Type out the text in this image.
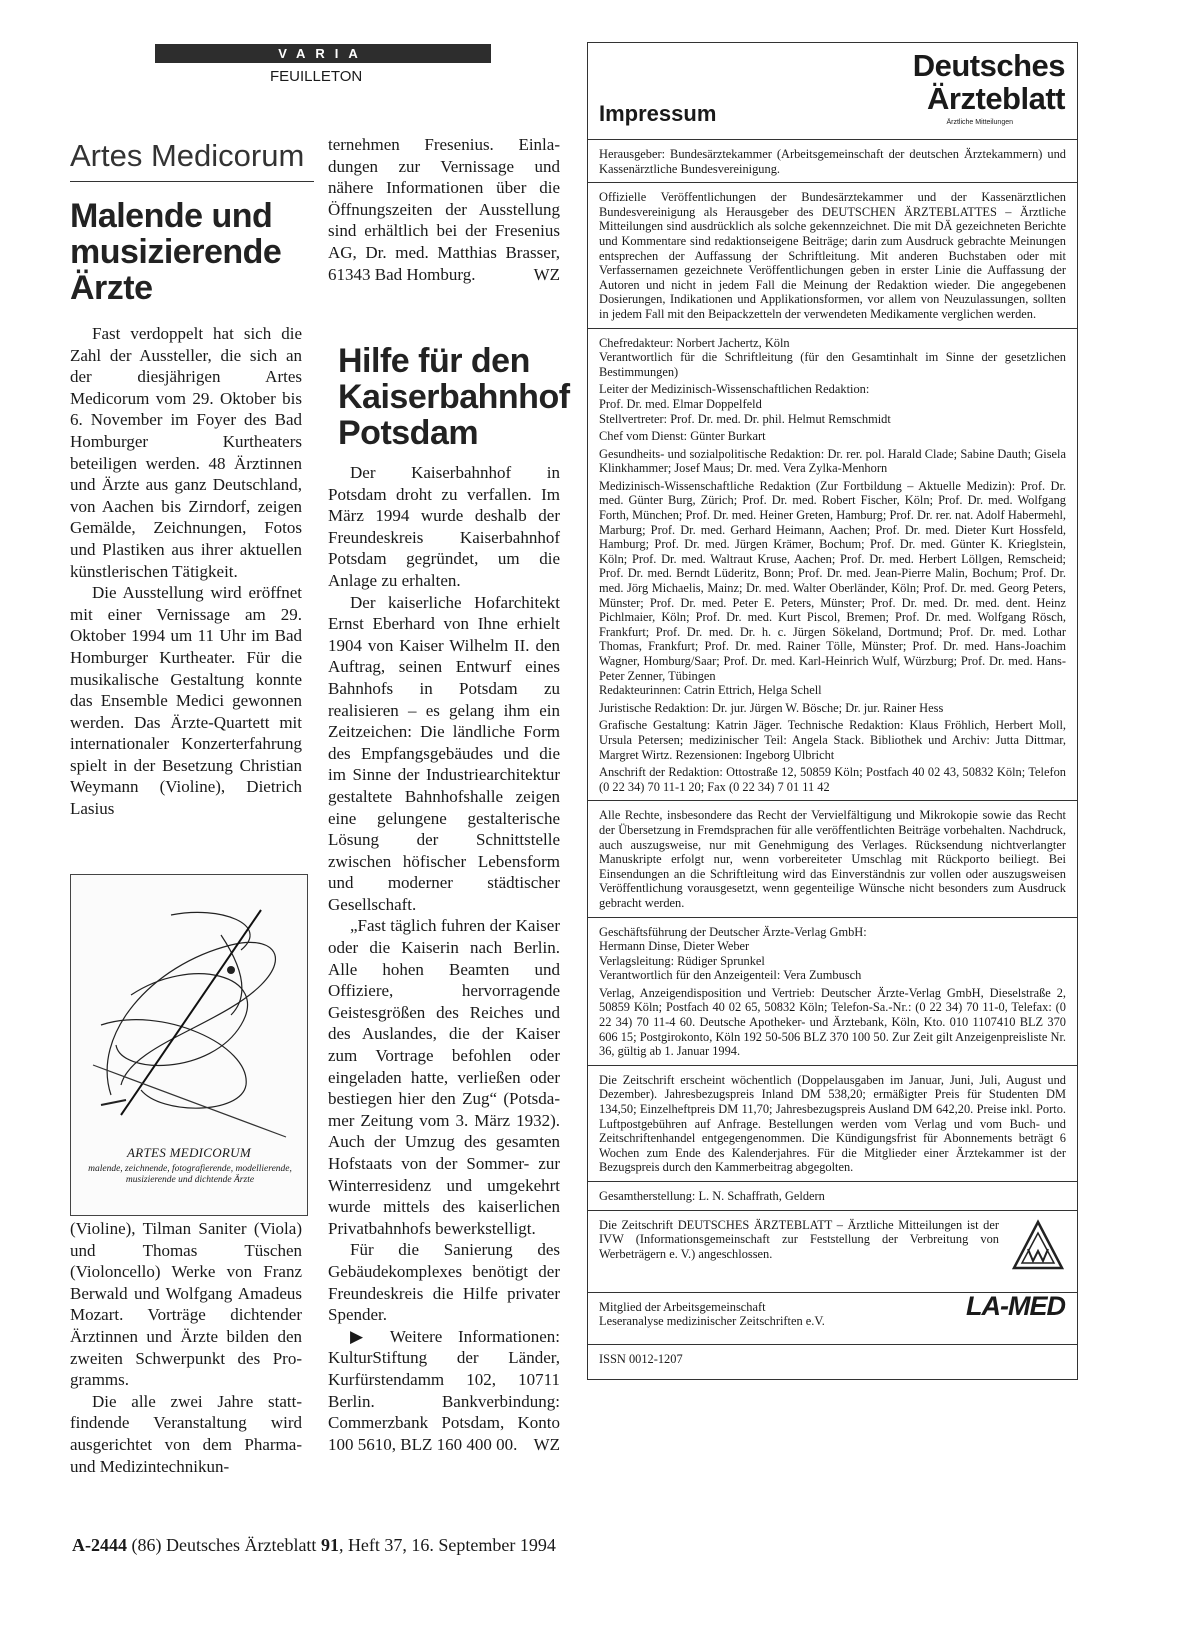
VARIA
FEUILLETON
Artes Medicorum
Malende und
musizierende
Ärzte

Fast verdoppelt hat sich die Zahl der Aussteller, die sich an der diesjährigen Artes Medicorum vom 29. Oktober bis 6. November im Foyer des Bad Homburger Kurtheaters beteiligen werden. 48 Ärztinnen und Ärzte aus ganz Deutschland, von Aachen bis Zirndorf, zeigen Gemälde, Zeichnungen, Fotos und Plastiken aus ihrer aktuellen künstlerischen Tätigkeit.

Die Ausstellung wird eröffnet mit einer Vernissage am 29. Oktober 1994 um 11 Uhr im Bad Homburger Kurtheater. Für die musikalische Gestaltung konnte das Ensemble Medici gewonnen werden. Das Ärzte-Quartett mit internationaler Konzerterfahrung spielt in der Besetzung Christian Weymann (Violine), Dietrich Lasius

ARTES MEDICORUM
malende, zeichnende, fotografierende, modellierende, musizierende und dichtende Ärzte

(Violine), Tilman Saniter (Viola) und Thomas Tüschen (Violoncello) Werke von Franz Berwald und Wolfgang Amadeus Mozart. Vorträge dichtender Ärztinnen und Ärzte bilden den zweiten Schwerpunkt des Programms.

Die alle zwei Jahre stattfindende Veranstaltung wird ausgerichtet von dem Pharma- und Medizintechnikun-

ternehmen Fresenius. Einladungen zur Vernissage und nähere Informationen über die Öffnungszeiten der Ausstellung sind erhältlich bei der Fresenius AG, Dr. med. Matthias Brasser, 61343 Bad Homburg.	WZ
Hilfe für den
Kaiserbahnhof
Potsdam

Der Kaiserbahnhof in Potsdam droht zu verfallen. Im März 1994 wurde deshalb der Freundeskreis Kaiserbahnhof Potsdam gegründet, um die Anlage zu erhalten.

Der kaiserliche Hofarchitekt Ernst Eberhard von Ihne erhielt 1904 von Kaiser Wilhelm II. den Auftrag, seinen Entwurf eines Bahnhofs in Potsdam zu realisieren – es gelang ihm ein Zeitzeichen: Die ländliche Form des Empfangsgebäudes und die im Sinne der Industriearchitektur gestaltete Bahnhofshalle zeigen eine gelungene gestalterische Lösung der Schnittstelle zwischen höfischer Lebensform und moderner städtischer Gesellschaft.

„Fast täglich fuhren der Kaiser oder die Kaiserin nach Berlin. Alle hohen Beamten und Offiziere, hervorragende Geistesgrößen des Reiches und des Auslandes, die der Kaiser zum Vortrage befohlen oder eingeladen hatte, verließen oder bestiegen hier den Zug“ (Potsdamer Zeitung vom 3. März 1932). Auch der Umzug des gesamten Hofstaats von der Sommer- zur Winterresidenz und umgekehrt wurde mittels des kaiserlichen Privatbahnhofs bewerkstelligt.

Für die Sanierung des Gebäudekomplexes benötigt der Freundeskreis die Hilfe privater Spender.

▶ Weitere Informationen: KulturStiftung der Länder, Kurfürstendamm 102, 10711 Berlin. Bankverbindung: Commerzbank Potsdam, Konto 100 5610, BLZ 160 400 00. WZ
Impressum
Deutsches
Ärzteblatt
Ärztliche Mitteilungen

Herausgeber: Bundesärztekammer (Arbeitsgemeinschaft der deutschen Ärztekammern) und Kassenärztliche Bundesvereinigung.

Offizielle Veröffentlichungen der Bundesärztekammer und der Kassenärztlichen Bundesvereinigung als Herausgeber des DEUTSCHEN ÄRZTEBLATTES – Ärztliche Mitteilungen sind ausdrücklich als solche gekennzeichnet. Die mit DÄ gezeichneten Berichte und Kommentare sind redaktionseigene Beiträge; darin zum Ausdruck gebrachte Meinungen entsprechen der Auffassung der Schriftleitung. Mit anderen Buchstaben oder mit Verfassernamen gezeichnete Veröffentlichungen geben in erster Linie die Auffassung der Autoren und nicht in jedem Fall die Meinung der Redaktion wieder. Die angegebenen Dosierungen, Indikationen und Applikationsformen, vor allem von Neuzulassungen, sollten in jedem Fall mit den Beipackzetteln der verwendeten Medikamente verglichen werden.

Chefredakteur: Norbert Jachertz, Köln
Verantwortlich für die Schriftleitung (für den Gesamtinhalt im Sinne der gesetzlichen Bestimmungen)

Leiter der Medizinisch-Wissenschaftlichen Redaktion:
Prof. Dr. med. Elmar Doppelfeld
Stellvertreter: Prof. Dr. med. Dr. phil. Helmut Remschmidt

Chef vom Dienst: Günter Burkart

Gesundheits- und sozialpolitische Redaktion: Dr. rer. pol. Harald Clade; Sabine Dauth; Gisela Klinkhammer; Josef Maus; Dr. med. Vera Zylka-Menhorn

Medizinisch-Wissenschaftliche Redaktion (Zur Fortbildung – Aktuelle Medizin): Prof. Dr. med. Günter Burg, Zürich; Prof. Dr. med. Robert Fischer, Köln; Prof. Dr. med. Wolfgang Forth, München; Prof. Dr. med. Heiner Greten, Hamburg; Prof. Dr. rer. nat. Adolf Habermehl, Marburg; Prof. Dr. med. Gerhard Heimann, Aachen; Prof. Dr. med. Dieter Kurt Hossfeld, Hamburg; Prof. Dr. med. Jürgen Krämer, Bochum; Prof. Dr. med. Günter K. Krieglstein, Köln; Prof. Dr. med. Waltraut Kruse, Aachen; Prof. Dr. med. Herbert Löllgen, Remscheid; Prof. Dr. med. Berndt Lüderitz, Bonn; Prof. Dr. med. Jean-Pierre Malin, Bochum; Prof. Dr. med. Jörg Michaelis, Mainz; Dr. med. Walter Oberländer, Köln; Prof. Dr. med. Georg Peters, Münster; Prof. Dr. med. Peter E. Peters, Münster; Prof. Dr. med. Dr. med. dent. Heinz Pichlmaier, Köln; Prof. Dr. med. Kurt Piscol, Bremen; Prof. Dr. med. Wolfgang Rösch, Frankfurt; Prof. Dr. med. Dr. h. c. Jürgen Sökeland, Dortmund; Prof. Dr. med. Lothar Thomas, Frankfurt; Prof. Dr. med. Rainer Tölle, Münster; Prof. Dr. med. Hans-Joachim Wagner, Homburg/Saar; Prof. Dr. med. Karl-Heinrich Wulf, Würzburg; Prof. Dr. med. Hans-Peter Zenner, Tübingen
Redakteurinnen: Catrin Ettrich, Helga Schell

Juristische Redaktion: Dr. jur. Jürgen W. Bösche; Dr. jur. Rainer Hess

Grafische Gestaltung: Katrin Jäger. Technische Redaktion: Klaus Fröhlich, Herbert Moll, Ursula Petersen; medizinischer Teil: Angela Stack. Bibliothek und Archiv: Jutta Dittmar, Margret Wirtz. Rezensionen: Ingeborg Ulbricht

Anschrift der Redaktion: Ottostraße 12, 50859 Köln; Postfach 40 02 43, 50832 Köln; Telefon (0 22 34) 70 11-1 20; Fax (0 22 34) 7 01 11 42

Alle Rechte, insbesondere das Recht der Vervielfältigung und Mikrokopie sowie das Recht der Übersetzung in Fremdsprachen für alle veröffentlichten Beiträge vorbehalten. Nachdruck, auch auszugsweise, nur mit Genehmigung des Verlages. Rücksendung nichtverlangter Manuskripte erfolgt nur, wenn vorbereiteter Umschlag mit Rückporto beiliegt. Bei Einsendungen an die Schriftleitung wird das Einverständnis zur vollen oder auszugsweisen Veröffentlichung vorausgesetzt, wenn gegenteilige Wünsche nicht besonders zum Ausdruck gebracht werden.

Geschäftsführung der Deutscher Ärzte-Verlag GmbH:
Hermann Dinse, Dieter Weber
Verlagsleitung: Rüdiger Sprunkel
Verantwortlich für den Anzeigenteil: Vera Zumbusch

Verlag, Anzeigendisposition und Vertrieb: Deutscher Ärzte-Verlag GmbH, Dieselstraße 2, 50859 Köln; Postfach 40 02 65, 50832 Köln; Telefon-Sa.-Nr.: (0 22 34) 70 11-0, Telefax: (0 22 34) 70 11-4 60. Deutsche Apotheker- und Ärztebank, Köln, Kto. 010 1107410 BLZ 370 606 15; Postgirokonto, Köln 192 50-506 BLZ 370 100 50. Zur Zeit gilt Anzeigenpreisliste Nr. 36, gültig ab 1. Januar 1994.

Die Zeitschrift erscheint wöchentlich (Doppelausgaben im Januar, Juni, Juli, August und Dezember). Jahresbezugspreis Inland DM 538,20; ermäßigter Preis für Studenten DM 134,50; Einzelheftpreis DM 11,70; Jahresbezugspreis Ausland DM 642,20. Preise inkl. Porto. Luftpostgebühren auf Anfrage. Bestellungen werden vom Verlag und vom Buch- und Zeitschriftenhandel entgegengenommen. Die Kündigungsfrist für Abonnements beträgt 6 Wochen zum Ende des Kalenderjahres. Für die Mitglieder einer Ärztekammer ist der Bezugspreis durch den Kammerbeitrag abgegolten.

Gesamtherstellung: L. N. Schaffrath, Geldern

Die Zeitschrift DEUTSCHES ÄRZTEBLATT – Ärztliche Mitteilungen ist der IVW (Informationsgemeinschaft zur Feststellung der Verbreitung von Werbeträgern e. V.) angeschlossen.

Mitglied der Arbeitsgemeinschaft
Leseranalyse medizinischer Zeitschriften e.V.

LA-MED

ISSN 0012-1207

A-2444 (86) Deutsches Ärzteblatt 91, Heft 37, 16. September 1994
